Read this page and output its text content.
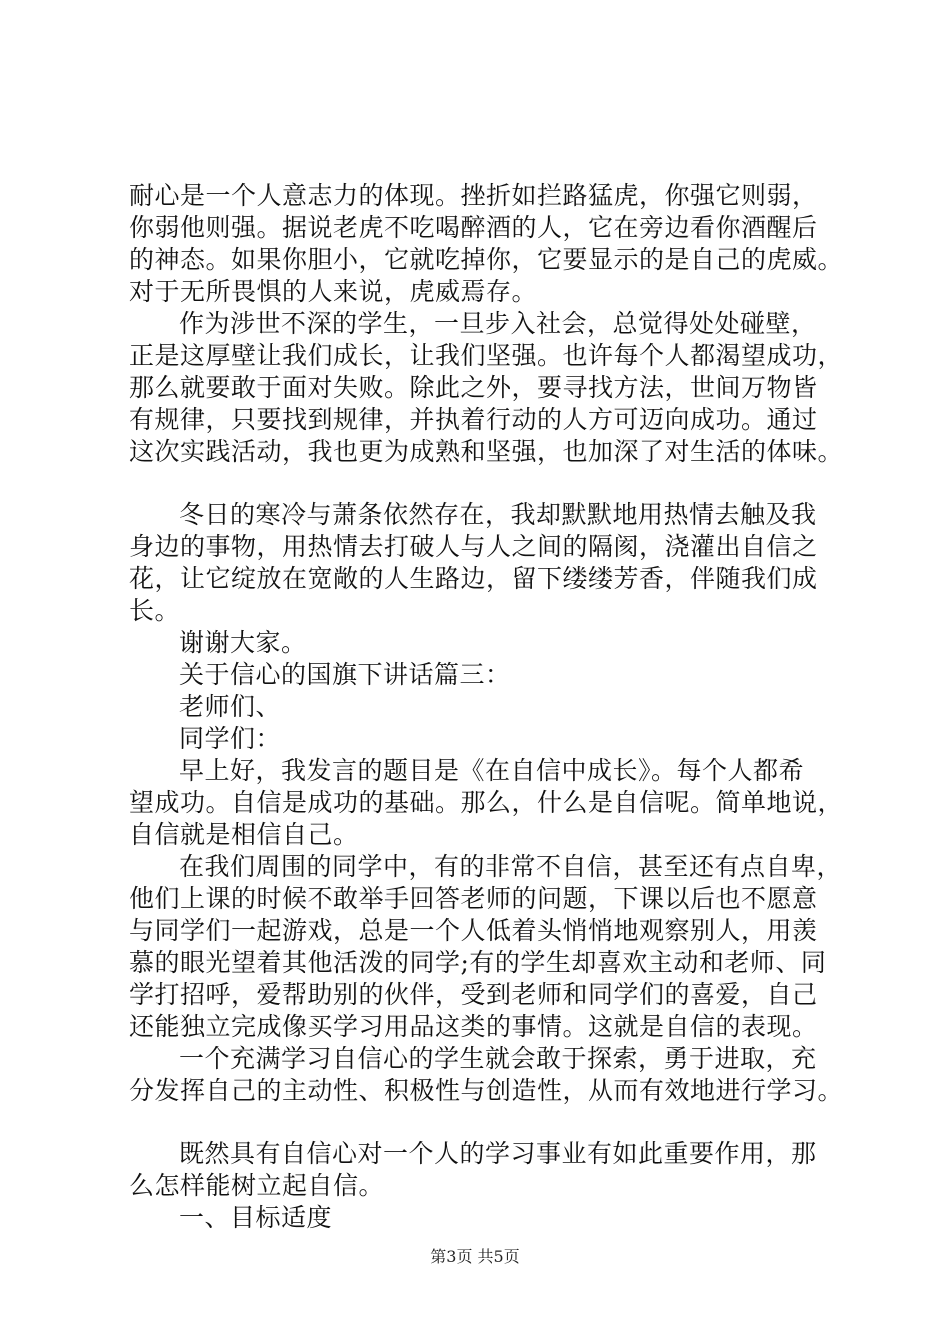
耐心是一个人意志力的体现。挫折如拦路猛虎，你强它则弱，
你弱他则强。据说老虎不吃喝醉酒的人，它在旁边看你酒醒后
的神态。如果你胆小，它就吃掉你，它要显示的是自己的虎威。
对于无所畏惧的人来说，虎威焉存。
作为涉世不深的学生，一旦步入社会，总觉得处处碰壁，
正是这厚壁让我们成长，让我们坚强。也许每个人都渴望成功，
那么就要敢于面对失败。除此之外，要寻找方法，世间万物皆
有规律，只要找到规律，并执着行动的人方可迈向成功。通过
这次实践活动，我也更为成熟和坚强，也加深了对生活的体味。
冬日的寒冷与萧条依然存在，我却默默地用热情去触及我
身边的事物，用热情去打破人与人之间的隔阂，浇灌出自信之
花，让它绽放在宽敞的人生路边，留下缕缕芳香，伴随我们成
长。
谢谢大家。
关于信心的国旗下讲话篇三：
老师们、
同学们：
早上好，我发言的题目是《在自信中成长》。每个人都希
望成功。自信是成功的基础。那么，什么是自信呢。简单地说，
自信就是相信自己。
在我们周围的同学中，有的非常不自信，甚至还有点自卑，
他们上课的时候不敢举手回答老师的问题，下课以后也不愿意
与同学们一起游戏，总是一个人低着头悄悄地观察别人，用羡
慕的眼光望着其他活泼的同学;有的学生却喜欢主动和老师、同
学打招呼，爱帮助别的伙伴，受到老师和同学们的喜爱，自己
还能独立完成像买学习用品这类的事情。这就是自信的表现。
一个充满学习自信心的学生就会敢于探索，勇于进取，充
分发挥自己的主动性、积极性与创造性，从而有效地进行学习。
既然具有自信心对一个人的学习事业有如此重要作用，那
么怎样能树立起自信。
一、目标适度
第3页 共5页
